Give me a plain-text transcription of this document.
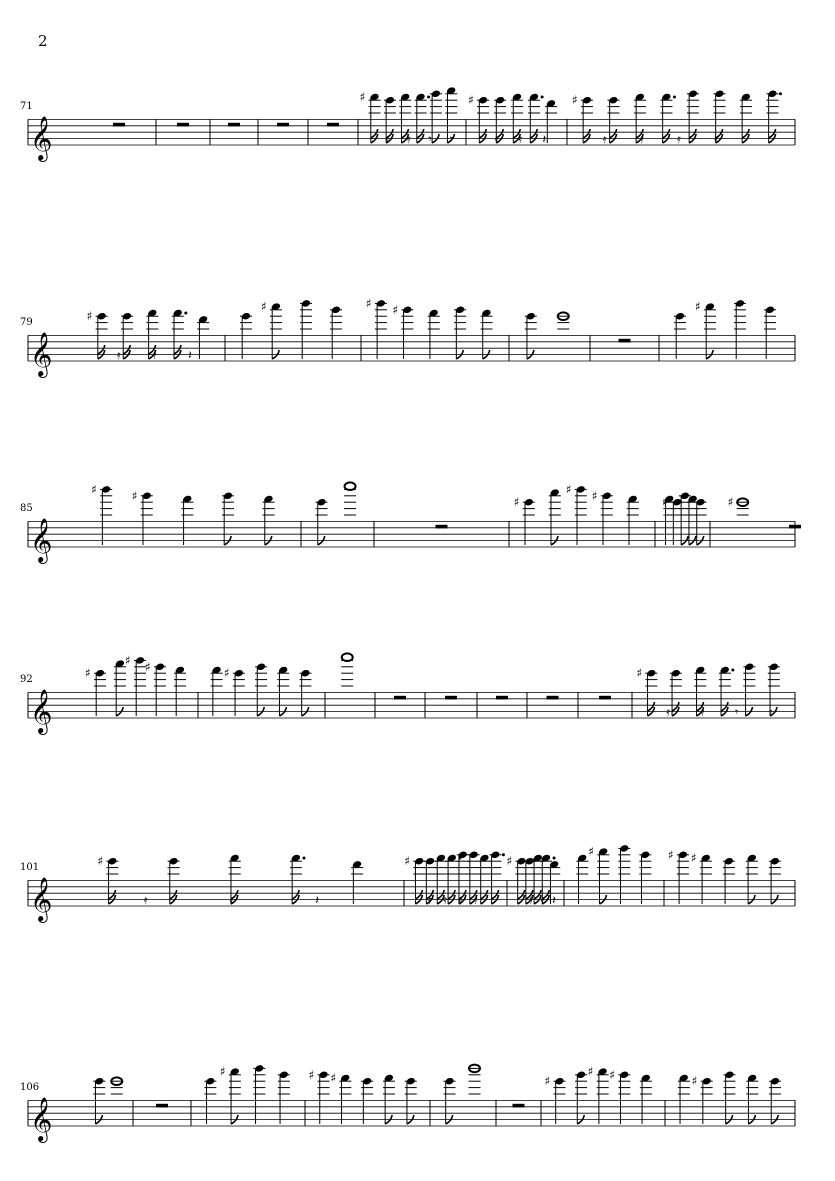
2
71
𝄞
♯
𝄿 𝄿 𝄾 𝄾
♯
𝄿 𝄿 𝄽
♯
𝄿	𝄿	𝄿	𝄿
79
𝄞
♯
𝄿	𝄿	𝄽
♯	♯ ♯	♯
85
𝄞
♯	♯	♯
♯ ♯	♯	♯
92
𝄞
♯
♯ ♯	♯	♯
𝄿	𝄿	𝄾	𝄾
101
𝄞
♯
𝄿	𝄿	𝄽
♯
𝄿 𝄿 𝄿 𝄿
♯
𝄿 𝄿 𝄽
♯	♯ ♯
106
𝄞
♯	♯ ♯	♯
♯ ♯	♯
